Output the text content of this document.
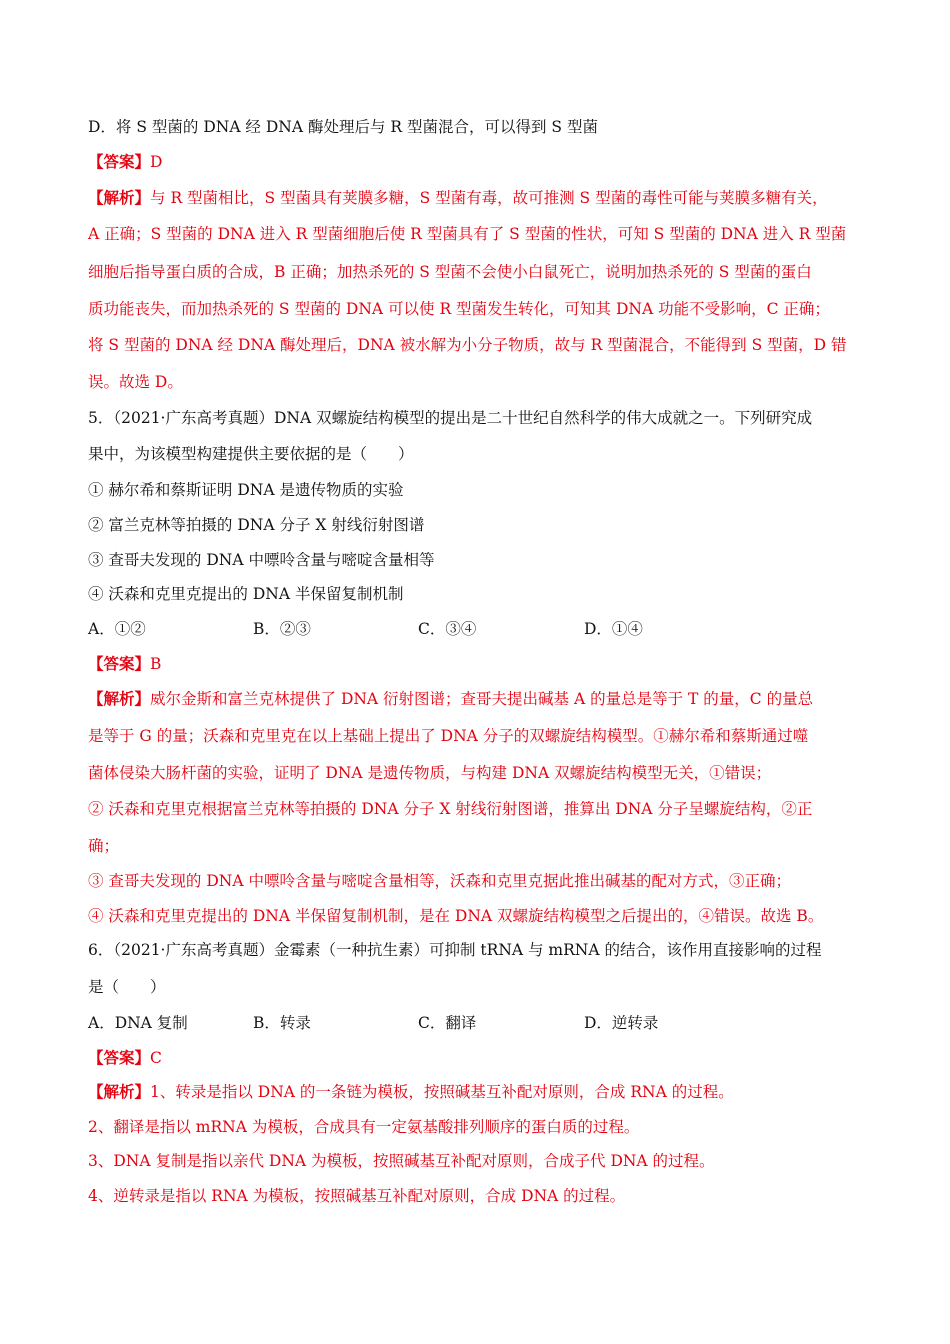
D．将 S 型菌的 DNA 经 DNA 酶处理后与 R 型菌混合，可以得到 S 型菌
【答案】D
【解析】与 R 型菌相比，S 型菌具有荚膜多糖，S 型菌有毒，故可推测 S 型菌的毒性可能与荚膜多糖有关，
A 正确；S 型菌的 DNA 进入 R 型菌细胞后使 R 型菌具有了 S 型菌的性状，可知 S 型菌的 DNA 进入 R 型菌
细胞后指导蛋白质的合成，B 正确；加热杀死的 S 型菌不会使小白鼠死亡，说明加热杀死的 S 型菌的蛋白
质功能丧失，而加热杀死的 S 型菌的 DNA 可以使 R 型菌发生转化，可知其 DNA 功能不受影响，C 正确；
将 S 型菌的 DNA 经 DNA 酶处理后，DNA 被水解为小分子物质，故与 R 型菌混合，不能得到 S 型菌，D 错
误。故选 D。
5．（2021·广东高考真题）DNA 双螺旋结构模型的提出是二十世纪自然科学的伟大成就之一。下列研究成
果中，为该模型构建提供主要依据的是（　　）
① 赫尔希和蔡斯证明 DNA 是遗传物质的实验
② 富兰克林等拍摄的 DNA 分子 X 射线衍射图谱
③ 查哥夫发现的 DNA 中嘌呤含量与嘧啶含量相等
④ 沃森和克里克提出的 DNA 半保留复制机制
A．①②	B．②③	C．③④	D．①④
【答案】B
【解析】威尔金斯和富兰克林提供了 DNA 衍射图谱；查哥夫提出碱基 A 的量总是等于 T 的量，C 的量总
是等于 G 的量；沃森和克里克在以上基础上提出了 DNA 分子的双螺旋结构模型。①赫尔希和蔡斯通过噬
菌体侵染大肠杆菌的实验，证明了 DNA 是遗传物质，与构建 DNA 双螺旋结构模型无关，①错误；
② 沃森和克里克根据富兰克林等拍摄的 DNA 分子 X 射线衍射图谱，推算出 DNA 分子呈螺旋结构，②正
确；
③ 查哥夫发现的 DNA 中嘌呤含量与嘧啶含量相等，沃森和克里克据此推出碱基的配对方式，③正确；
④ 沃森和克里克提出的 DNA 半保留复制机制，是在 DNA 双螺旋结构模型之后提出的，④错误。故选 B。
6．（2021·广东高考真题）金霉素（一种抗生素）可抑制 tRNA 与 mRNA 的结合，该作用直接影响的过程
是（　　）
A．DNA 复制	B．转录	C．翻译	D．逆转录
【答案】C
【解析】1、转录是指以 DNA 的一条链为模板，按照碱基互补配对原则，合成 RNA 的过程。
2、翻译是指以 mRNA 为模板，合成具有一定氨基酸排列顺序的蛋白质的过程。
3、DNA 复制是指以亲代 DNA 为模板，按照碱基互补配对原则，合成子代 DNA 的过程。
4、逆转录是指以 RNA 为模板，按照碱基互补配对原则，合成 DNA 的过程。
